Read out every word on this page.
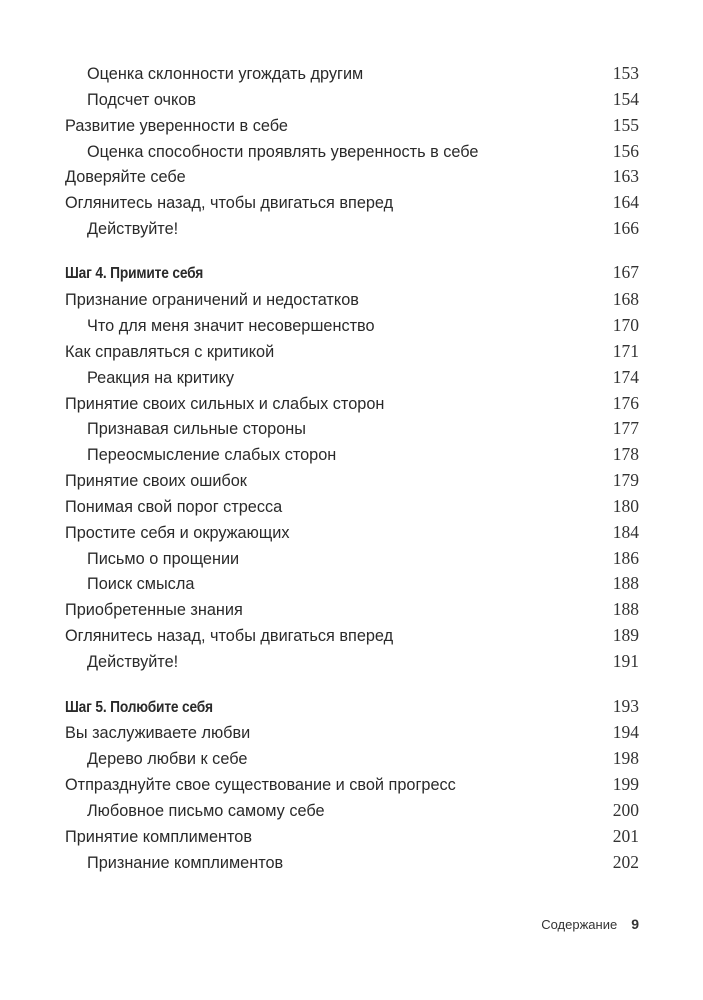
Оценка склонности угождать другим	153
Подсчет очков	154
Развитие уверенности в себе	155
Оценка способности проявлять уверенность в себе	156
Доверяйте себе	163
Оглянитесь назад, чтобы двигаться вперед	164
Действуйте!	166
Шаг 4. Примите себя	167
Признание ограничений и недостатков	168
Что для меня значит несовершенство	170
Как справляться с критикой	171
Реакция на критику	174
Принятие своих сильных и слабых сторон	176
Признавая сильные стороны	177
Переосмысление слабых сторон	178
Принятие своих ошибок	179
Понимая свой порог стресса	180
Простите себя и окружающих	184
Письмо о прощении	186
Поиск смысла	188
Приобретенные знания	188
Оглянитесь назад, чтобы двигаться вперед	189
Действуйте!	191
Шаг 5. Полюбите себя	193
Вы заслуживаете любви	194
Дерево любви к себе	198
Отпразднуйте свое существование и свой прогресс	199
Любовное письмо самому себе	200
Принятие комплиментов	201
Признание комплиментов	202
Содержание 9
